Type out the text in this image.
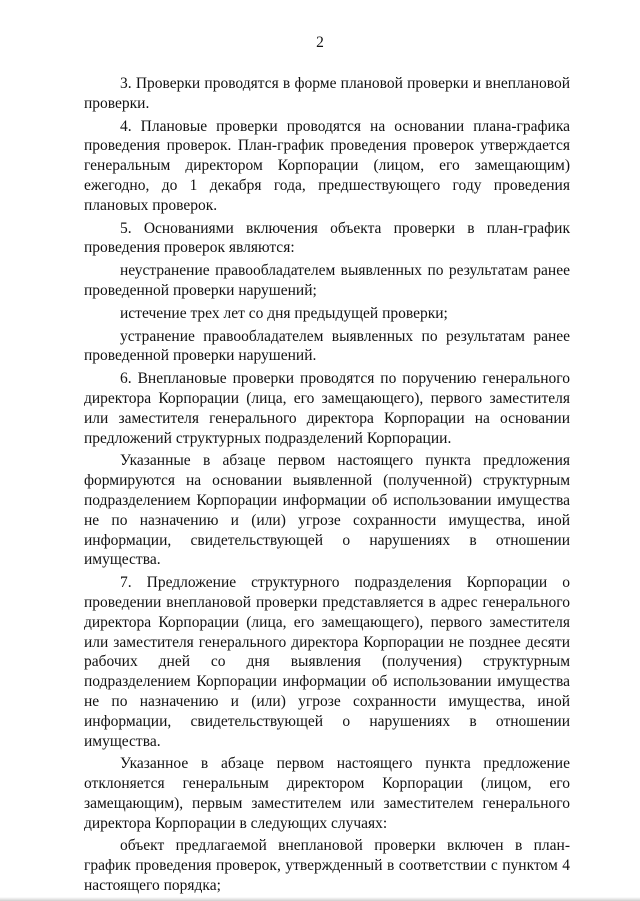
2

3. Проверки проводятся в форме плановой проверки и внеплановой проверки.

4. Плановые проверки проводятся на основании плана-графика проведения проверок. План-график проведения проверок утверждается генеральным директором Корпорации (лицом, его замещающим) ежегодно, до 1 декабря года, предшествующего году проведения плановых проверок.

5. Основаниями включения объекта проверки в план-график проведения проверок являются:

неустранение правообладателем выявленных по результатам ранее проведенной проверки нарушений;

истечение трех лет со дня предыдущей проверки;

устранение правообладателем выявленных по результатам ранее проведенной проверки нарушений.

6. Внеплановые проверки проводятся по поручению генерального директора Корпорации (лица, его замещающего), первого заместителя или заместителя генерального директора Корпорации на основании предложений структурных подразделений Корпорации.

Указанные в абзаце первом настоящего пункта предложения формируются на основании выявленной (полученной) структурным подразделением Корпорации информации об использовании имущества не по назначению и (или) угрозе сохранности имущества, иной информации, свидетельствующей о нарушениях в отношении имущества.

7. Предложение структурного подразделения Корпорации о проведении внеплановой проверки представляется в адрес генерального директора Корпорации (лица, его замещающего), первого заместителя или заместителя генерального директора Корпорации не позднее десяти рабочих дней со дня выявления (получения) структурным подразделением Корпорации информации об использовании имущества не по назначению и (или) угрозе сохранности имущества, иной информации, свидетельствующей о нарушениях в отношении имущества.

Указанное в абзаце первом настоящего пункта предложение отклоняется генеральным директором Корпорации (лицом, его замещающим), первым заместителем или заместителем генерального директора Корпорации в следующих случаях:

объект предлагаемой внеплановой проверки включен в план-график проведения проверок, утвержденный в соответствии с пунктом 4 настоящего порядка;
